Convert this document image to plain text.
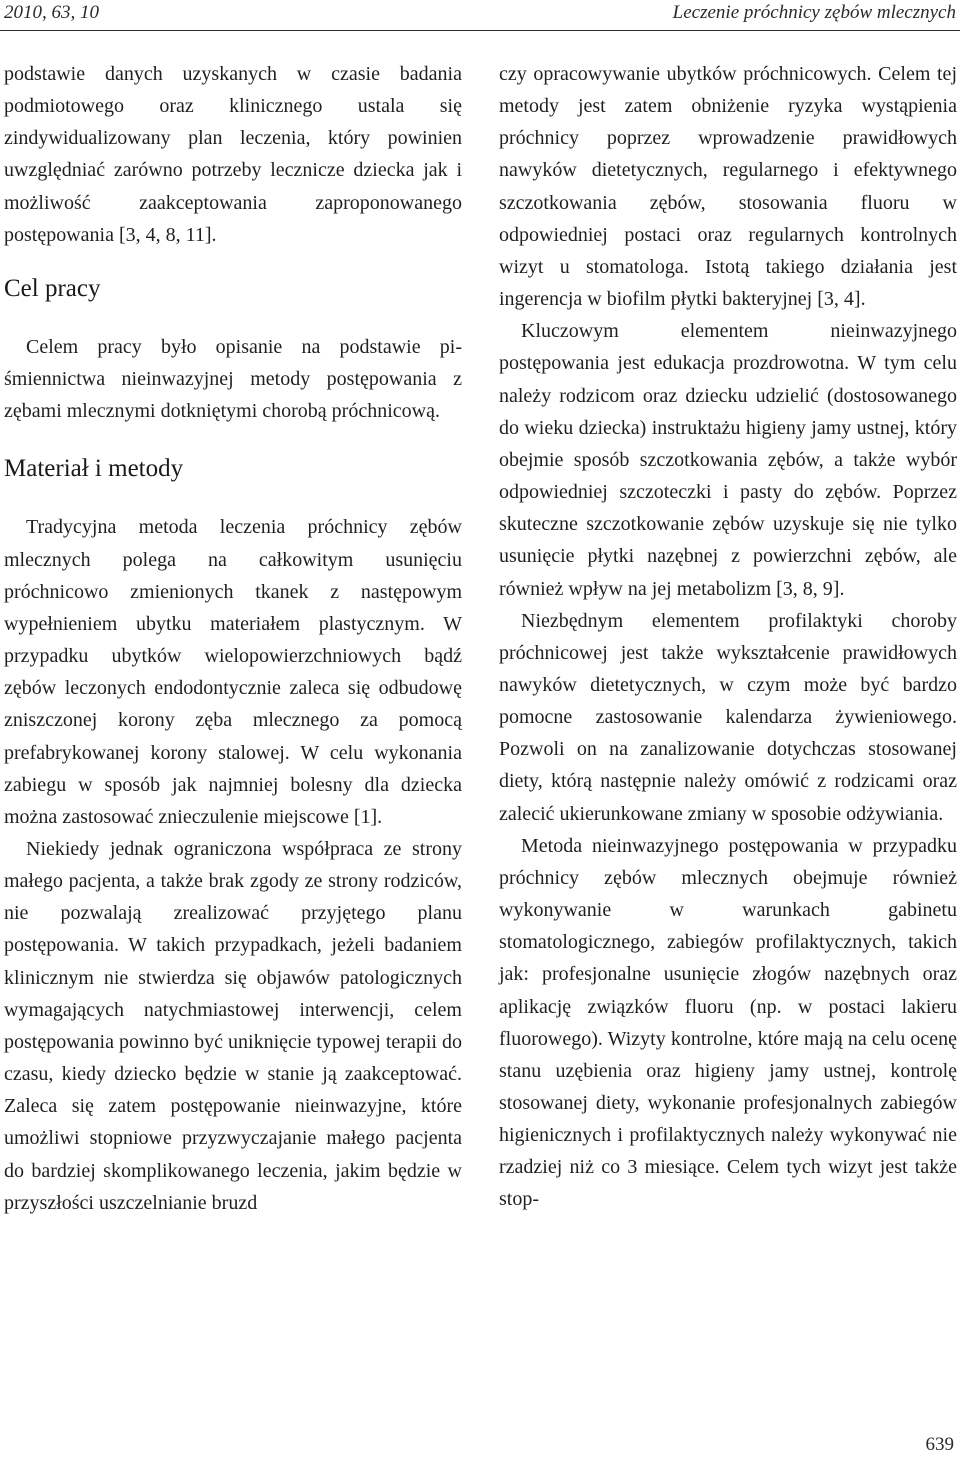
2010, 63, 10	Leczenie próchnicy zębów mlecznych

podstawie danych uzyskanych w czasie badania podmiotowego oraz klinicznego ustala się zindywidualizowany plan leczenia, który powinien uwzględniać zarówno potrzeby lecznicze dziecka jak i możliwość zaakceptowania zaproponowanego postępowania [3, 4, 8, 11].

Cel pracy

Celem pracy było opisanie na podstawie piśmiennictwa nieinwazyjnej metody postępowania z zębami mlecznymi dotkniętymi chorobą próchnicową.

Materiał i metody

Tradycyjna metoda leczenia próchnicy zębów mlecznych polega na całkowitym usunięciu próchnicowo zmienionych tkanek z następowym wypełnieniem ubytku materiałem plastycznym. W przypadku ubytków wielopowierzchniowych bądź zębów leczonych endodontycznie zaleca się odbudowę zniszczonej korony zęba mlecznego za pomocą prefabrykowanej korony stalowej. W celu wykonania zabiegu w sposób jak najmniej bolesny dla dziecka można zastosować znieczulenie miejscowe [1].

Niekiedy jednak ograniczona współpraca ze strony małego pacjenta, a także brak zgody ze strony rodziców, nie pozwalają zrealizować przyjętego planu postępowania. W takich przypadkach, jeżeli badaniem klinicznym nie stwierdza się objawów patologicznych wymagających natychmiastowej interwencji, celem postępowania powinno być uniknięcie typowej terapii do czasu, kiedy dziecko będzie w stanie ją zaakceptować. Zaleca się zatem postępowanie nieinwazyjne, które umożliwi stopniowe przyzwyczajanie małego pacjenta do bardziej skomplikowanego leczenia, jakim będzie w przyszłości uszczelnianie bruzd

czy opracowywanie ubytków próchnicowych. Celem tej metody jest zatem obniżenie ryzyka wystąpienia próchnicy poprzez wprowadzenie prawidłowych nawyków dietetycznych, regularnego i efektywnego szczotkowania zębów, stosowania fluoru w odpowiedniej postaci oraz regularnych kontrolnych wizyt u stomatologa. Istotą takiego działania jest ingerencja w biofilm płytki bakteryjnej [3, 4].

Kluczowym elementem nieinwazyjnego postępowania jest edukacja prozdrowotna. W tym celu należy rodzicom oraz dziecku udzielić (dostosowanego do wieku dziecka) instruktażu higieny jamy ustnej, który obejmie sposób szczotkowania zębów, a także wybór odpowiedniej szczoteczki i pasty do zębów. Poprzez skuteczne szczotkowanie zębów uzyskuje się nie tylko usunięcie płytki nazębnej z powierzchni zębów, ale również wpływ na jej metabolizm [3, 8, 9].

Niezbędnym elementem profilaktyki choroby próchnicowej jest także wykształcenie prawidłowych nawyków dietetycznych, w czym może być bardzo pomocne zastosowanie kalendarza żywieniowego. Pozwoli on na zanalizowanie dotychczas stosowanej diety, którą następnie należy omówić z rodzicami oraz zalecić ukierunkowane zmiany w sposobie odżywiania.

Metoda nieinwazyjnego postępowania w przypadku próchnicy zębów mlecznych obejmuje również wykonywanie w warunkach gabinetu stomatologicznego, zabiegów profilaktycznych, takich jak: profesjonalne usunięcie złogów nazębnych oraz aplikację związków fluoru (np. w postaci lakieru fluorowego). Wizyty kontrolne, które mają na celu ocenę stanu uzębienia oraz higieny jamy ustnej, kontrolę stosowanej diety, wykonanie profesjonalnych zabiegów higienicznych i profilaktycznych należy wykonywać nie rzadziej niż co 3 miesiące. Celem tych wizyt jest także stop-

639
